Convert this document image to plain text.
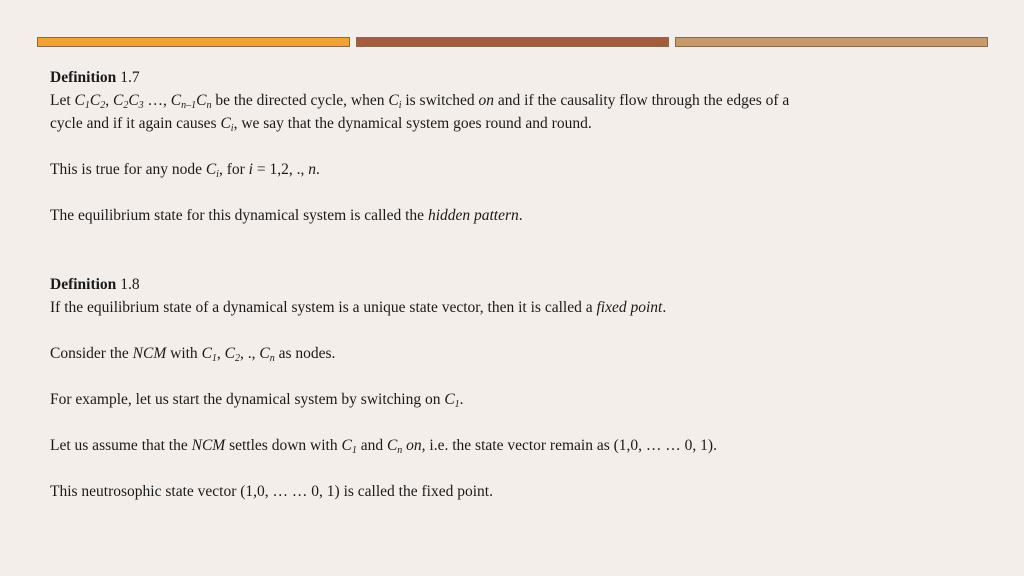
Definition 1.7

Let $C_1C_2$, $C_2C_3$ …, $C_{n-1}C_n$ be the directed cycle, when $C_i$ is switched on and if the causality flow through the edges of a
cycle and if it again causes $C_i$, we say that the dynamical system goes round and round.

This is true for any node $C_i$, for i = 1,2, ., n.

The equilibrium state for this dynamical system is called the hidden pattern.

Definition 1.8

If the equilibrium state of a dynamical system is a unique state vector, then it is called a fixed point.

Consider the NCM with $C_1$, $C_2$, ., $C_n$ as nodes.

For example, let us start the dynamical system by switching on $C_1$.

Let us assume that the NCM settles down with $C_1$ and $C_n$ on, i.e. the state vector remain as (1,0, … … 0, 1).

This neutrosophic state vector (1,0, … … 0, 1) is called the fixed point.
